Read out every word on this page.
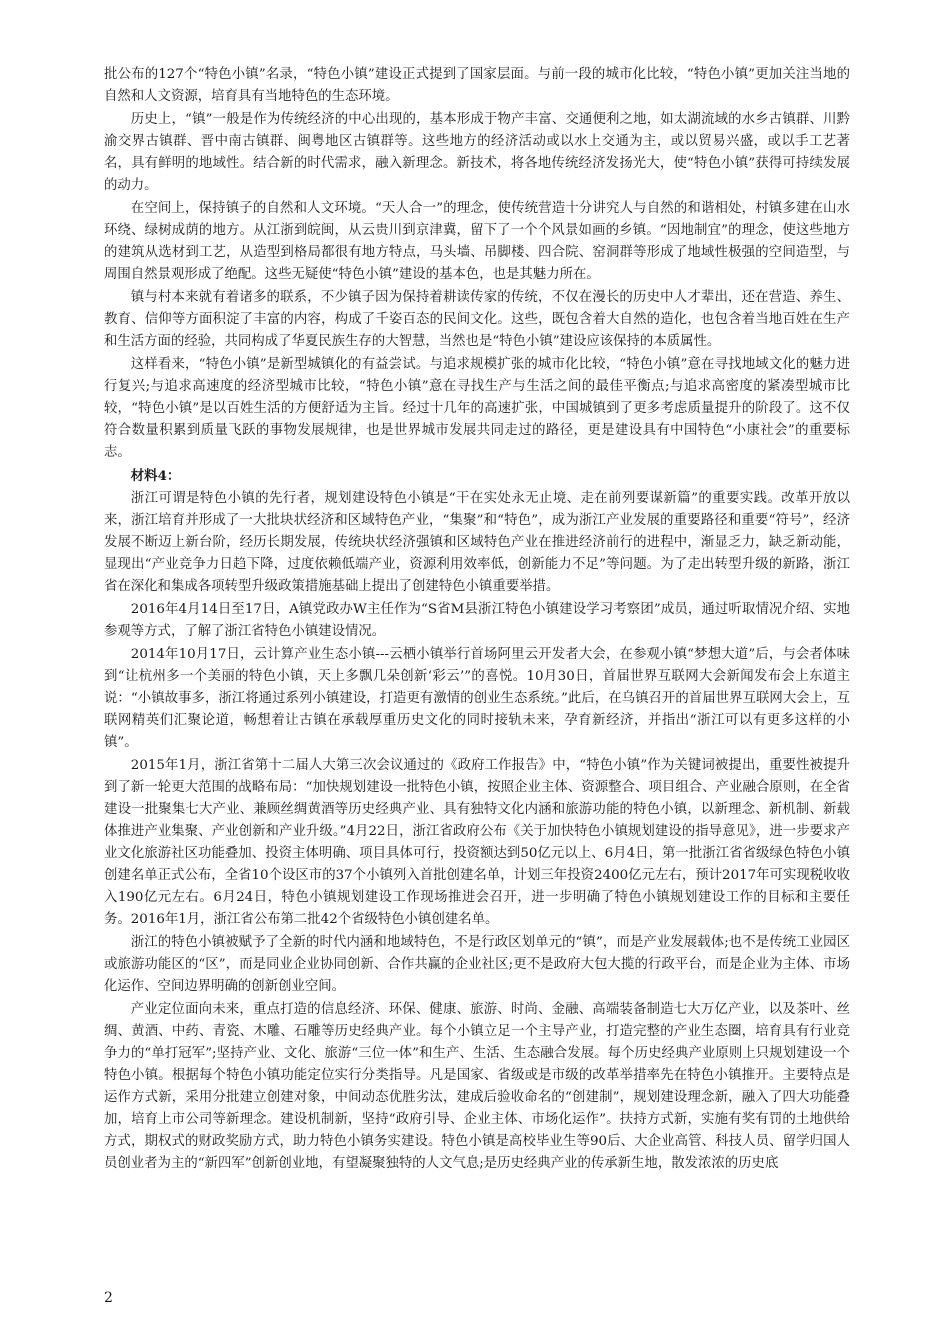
批公布的127个“特色小镇”名录，“特色小镇”建设正式提到了国家层面。与前一段的城市化比较，“特色小镇”更加关注当地的自然和人文资源，培育具有当地特色的生态环境。

历史上，“镇”一般是作为传统经济的中心出现的，基本形成于物产丰富、交通便利之地，如太湖流域的水乡古镇群、川黔渝交界古镇群、晋中南古镇群、闽粤地区古镇群等。这些地方的经济活动或以水上交通为主，或以贸易兴盛，或以手工艺著名，具有鲜明的地域性。结合新的时代需求，融入新理念。新技术，将各地传统经济发扬光大，使“特色小镇”获得可持续发展的动力。

在空间上，保持镇子的自然和人文环境。“天人合一”的理念，使传统营造十分讲究人与自然的和谐相处，村镇多建在山水环绕、绿树成荫的地方。从江浙到皖闽，从云贵川到京津冀，留下了一个个风景如画的乡镇。“因地制宜”的理念，使这些地方的建筑从选材到工艺，从造型到格局都很有地方特点，马头墙、吊脚楼、四合院、窑洞群等形成了地域性极强的空间造型，与周围自然景观形成了绝配。这些无疑使“特色小镇”建设的基本色，也是其魅力所在。

镇与村本来就有着诸多的联系，不少镇子因为保持着耕读传家的传统，不仅在漫长的历史中人才辈出，还在营造、养生、教育、信仰等方面积淀了丰富的内容，构成了千姿百态的民间文化。这些，既包含着大自然的造化，也包含着当地百姓在生产和生活方面的经验，共同构成了华夏民族生存的大智慧，当然也是“特色小镇”建设应该保持的本质属性。

这样看来，“特色小镇”是新型城镇化的有益尝试。与追求规模扩张的城市化比较，“特色小镇”意在寻找地域文化的魅力进行复兴;与追求高速度的经济型城市比较，“特色小镇”意在寻找生产与生活之间的最佳平衡点;与追求高密度的紧凑型城市比较，“特色小镇”是以百姓生活的方便舒适为主旨。经过十几年的高速扩张，中国城镇到了更多考虑质量提升的阶段了。这不仅符合数量积累到质量飞跃的事物发展规律，也是世界城市发展共同走过的路径，更是建设具有中国特色“小康社会”的重要标志。

材料4：

浙江可谓是特色小镇的先行者，规划建设特色小镇是“干在实处永无止境、走在前列要谋新篇”的重要实践。改革开放以来，浙江培育并形成了一大批块状经济和区域特色产业，“集聚”和“特色”，成为浙江产业发展的重要路径和重要“符号”，经济发展不断迈上新台阶，经历长期发展，传统块状经济强镇和区域特色产业在推进经济前行的进程中，渐显乏力，缺乏新动能，显现出“产业竞争力日趋下降，过度依赖低端产业，资源利用效率低，创新能力不足”等问题。为了走出转型升级的新路，浙江省在深化和集成各项转型升级政策措施基础上提出了创建特色小镇重要举措。

2016年4月14日至17日，A镇党政办W主任作为“S省M县浙江特色小镇建设学习考察团”成员，通过听取情况介绍、实地参观等方式，了解了浙江省特色小镇建设情况。

2014年10月17日，云计算产业生态小镇---云栖小镇举行首场阿里云开发者大会，在参观小镇“梦想大道”后，与会者体味到“让杭州多一个美丽的特色小镇，天上多飘几朵创新‘彩云’”的喜悦。10月30日，首届世界互联网大会新闻发布会上东道主说：“小镇故事多，浙江将通过系列小镇建设，打造更有激情的创业生态系统。”此后，在乌镇召开的首届世界互联网大会上，互联网精英们汇聚论道，畅想着让古镇在承载厚重历史文化的同时接轨未来，孕育新经济，并指出“浙江可以有更多这样的小镇”。

2015年1月，浙江省第十二届人大第三次会议通过的《政府工作报告》中，“特色小镇”作为关键词被提出，重要性被提升到了新一轮更大范围的战略布局：“加快规划建设一批特色小镇，按照企业主体、资源整合、项目组合、产业融合原则，在全省建设一批聚集七大产业、兼顾丝绸黄酒等历史经典产业、具有独特文化内涵和旅游功能的特色小镇，以新理念、新机制、新载体推进产业集聚、产业创新和产业升级。”4月22日，浙江省政府公布《关于加快特色小镇规划建设的指导意见》，进一步要求产业文化旅游社区功能叠加、投资主体明确、项目具体可行，投资额达到50亿元以上、6月4日，第一批浙江省省级绿色特色小镇创建名单正式公布，全省10个设区市的37个小镇列入首批创建名单，计划三年投资2400亿元左右，预计2017年可实现税收收入190亿元左右。6月24日，特色小镇规划建设工作现场推进会召开，进一步明确了特色小镇规划建设工作的目标和主要任务。2016年1月，浙江省公布第二批42个省级特色小镇创建名单。

浙江的特色小镇被赋予了全新的时代内涵和地域特色，不是行政区划单元的“镇”，而是产业发展载体;也不是传统工业园区或旅游功能区的“区”，而是同业企业协同创新、合作共赢的企业社区;更不是政府大包大揽的行政平台，而是企业为主体、市场化运作、空间边界明确的创新创业空间。

产业定位面向未来，重点打造的信息经济、环保、健康、旅游、时尚、金融、高端装备制造七大万亿产业，以及茶叶、丝绸、黄酒、中药、青瓷、木雕、石雕等历史经典产业。每个小镇立足一个主导产业，打造完整的产业生态圈，培育具有行业竞争力的“单打冠军”;坚持产业、文化、旅游“三位一体”和生产、生活、生态融合发展。每个历史经典产业原则上只规划建设一个特色小镇。根据每个特色小镇功能定位实行分类指导。凡是国家、省级或是市级的改革举措率先在特色小镇推开。主要特点是运作方式新，采用分批建立创建对象，中间动态优胜劣汰，建成后验收命名的“创建制”，规划建设理念新，融入了四大功能叠加，培育上市公司等新理念。建设机制新，坚持“政府引导、企业主体、市场化运作”。扶持方式新，实施有奖有罚的土地供给方式，期权式的财政奖励方式，助力特色小镇务实建设。特色小镇是高校毕业生等90后、大企业高管、科技人员、留学归国人员创业者为主的“新四军”创新创业地，有望凝聚独特的人文气息;是历史经典产业的传承新生地，散发浓浓的历史底

2
